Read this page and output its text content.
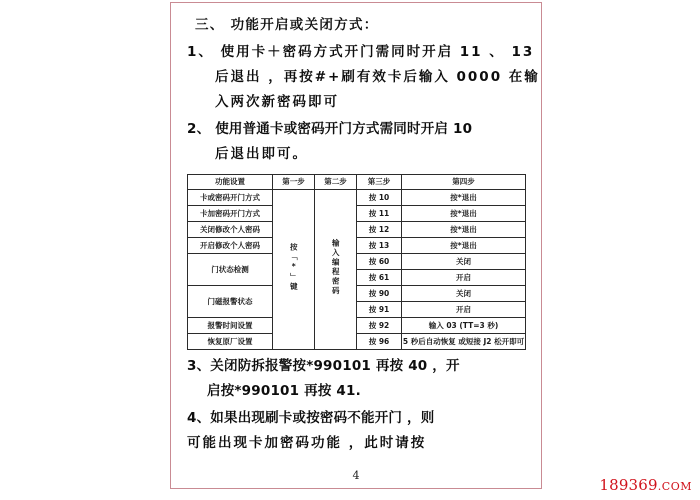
三、 功能开启或关闭方式：
1、 使用卡＋密码方式开门需同时开启 11 、 13
后退出 ，再按#+刷有效卡后输入 0000 在输
入两次新密码即可
2、 使用普通卡或密码开门方式需同时开启 10
后退出即可。
功能设置	第一步	第二步	第三步	第四步
卡或密码开门方式	按「*」键	输入编程密码	按 10	按*退出
卡加密码开门方式			按 11	按*退出
关闭修改个人密码			按 12	按*退出
开启修改个人密码			按 13	按*退出
门状态检测			按 60	关闭
			按 61	开启
门磁报警状态			按 90	关闭
			按 91	开启
报警时间设置			按 92	输入 03 (TT=3 秒)
恢复原厂设置			按 96	5 秒后自动恢复 或短接 J2 松开即可
3、关闭防拆报警按*990101 再按 40 ，开
启按*990101 再按 41.
4、如果出现刷卡或按密码不能开门 ，则
可能出现卡加密码功能 ，此时请按
4
189369.COM
